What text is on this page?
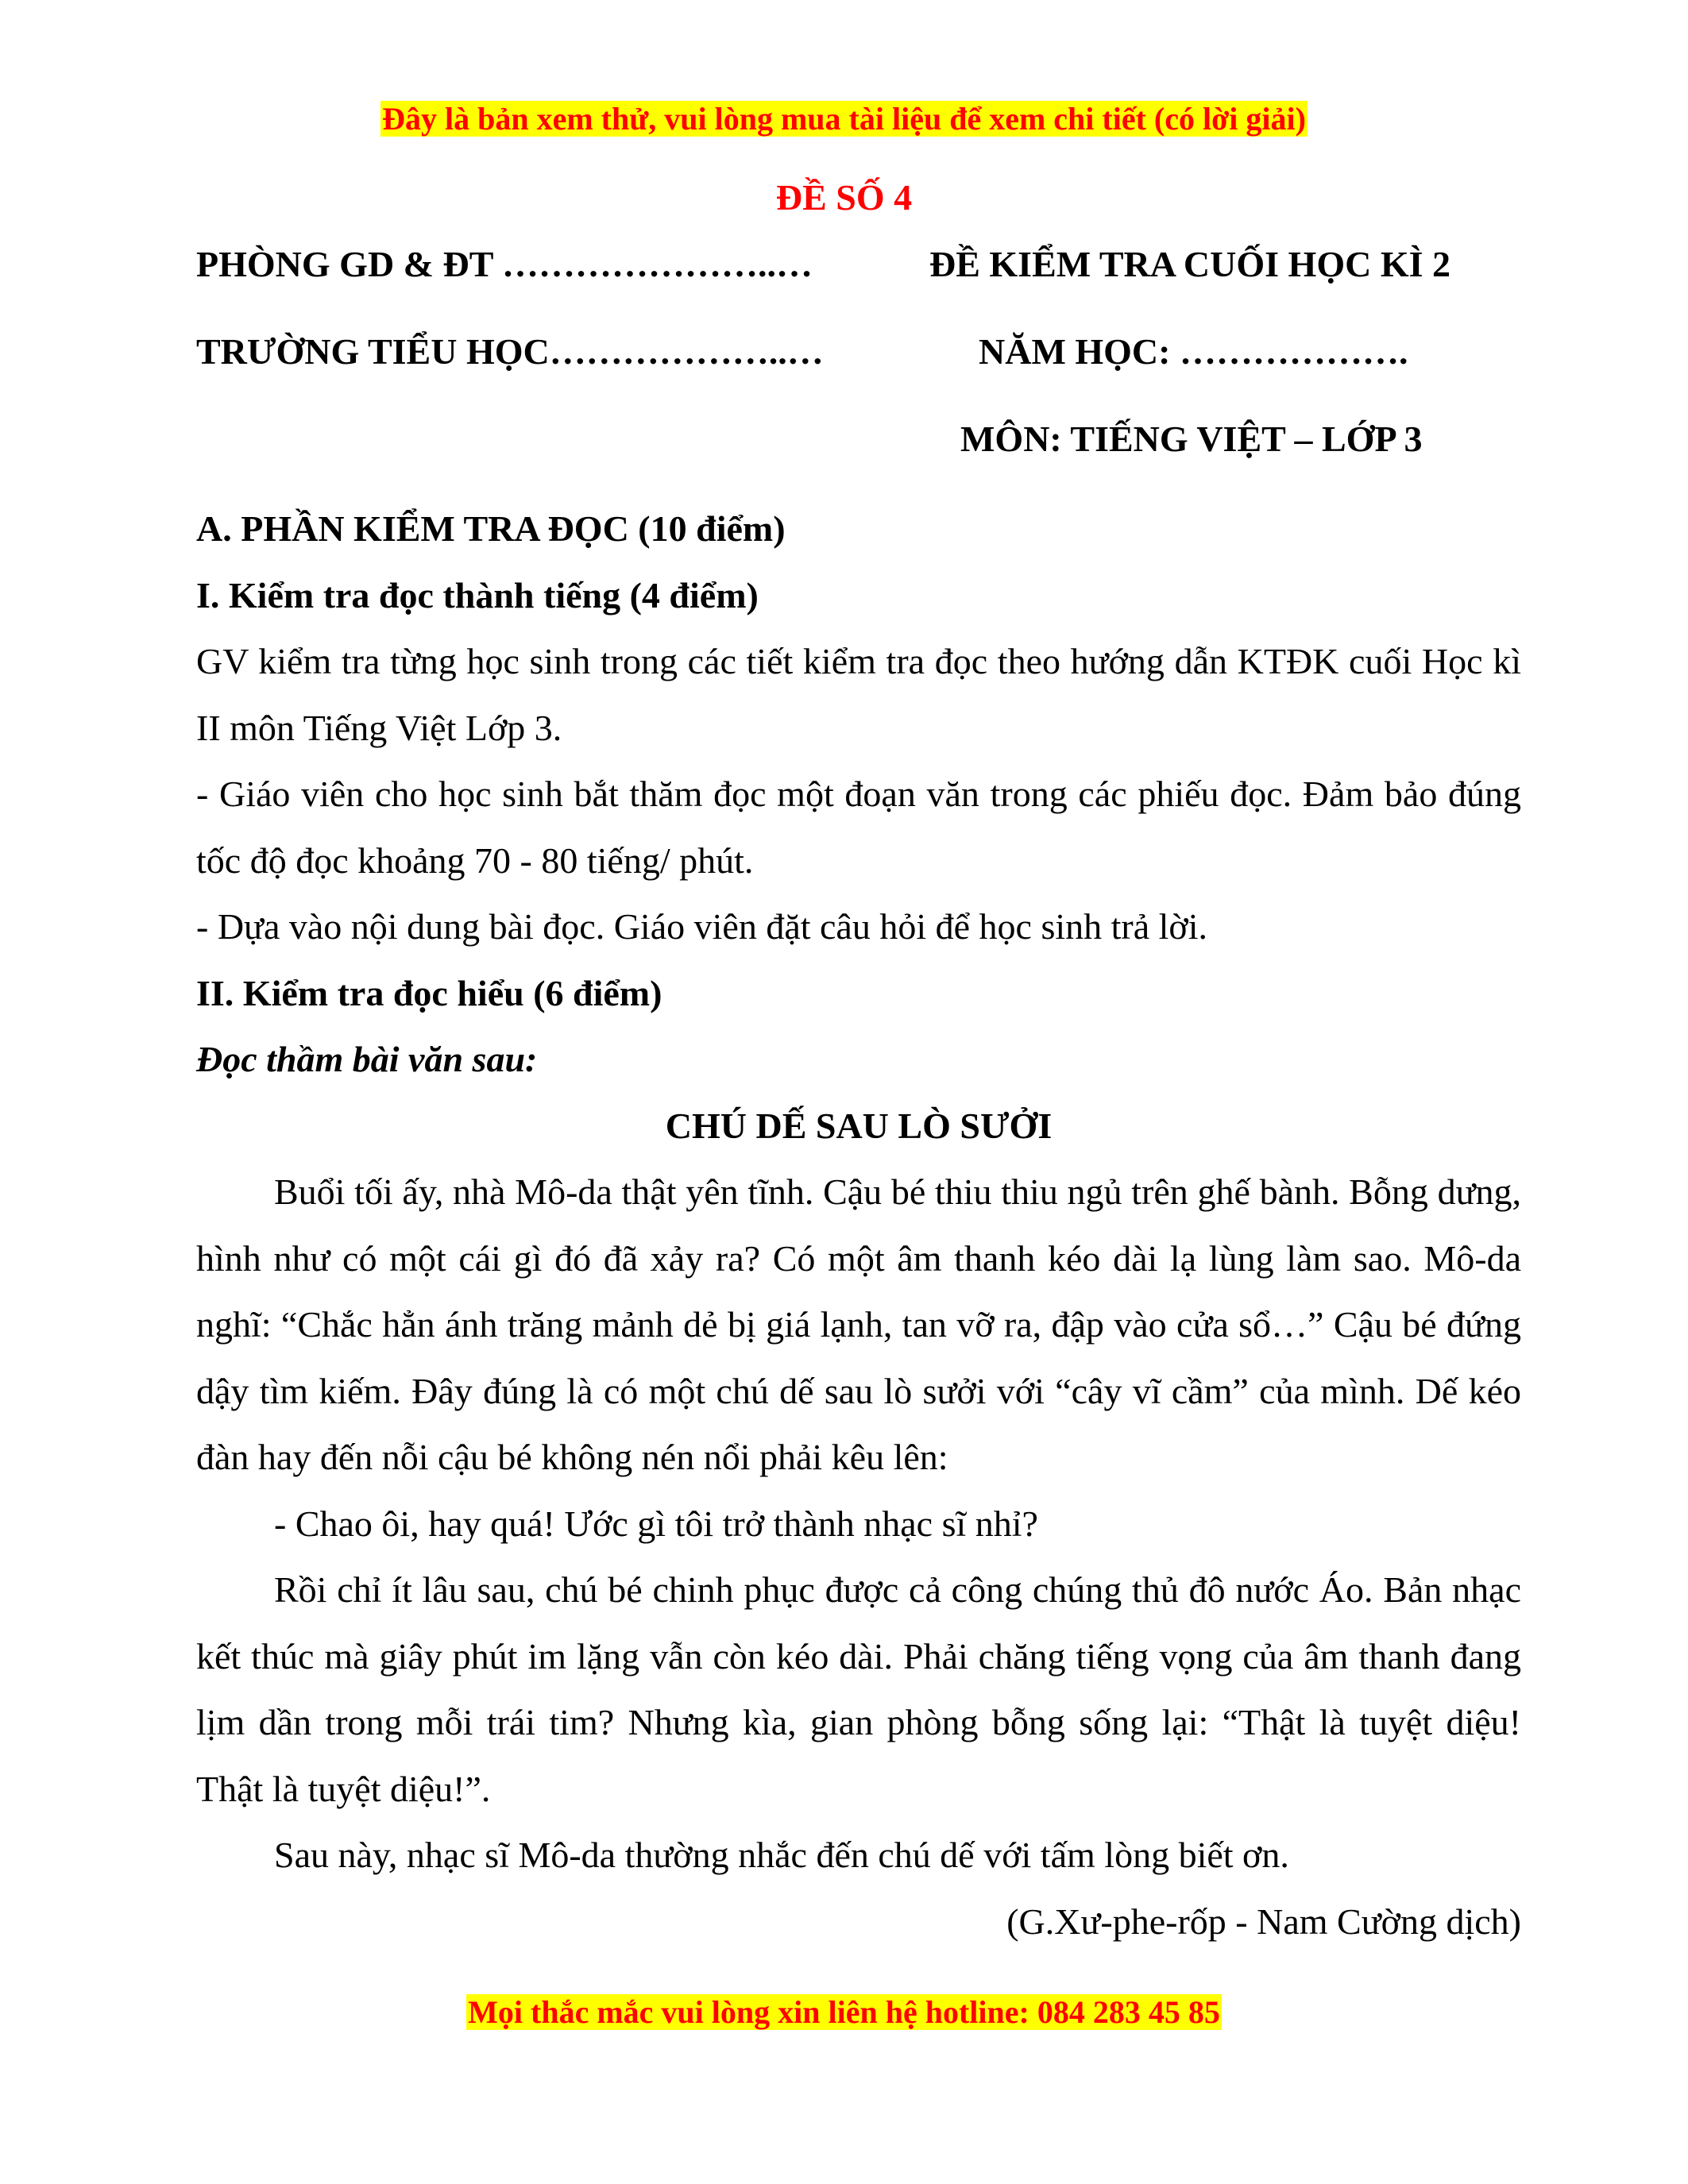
Đây là bản xem thử, vui lòng mua tài liệu để xem chi tiết (có lời giải)
ĐỀ SỐ 4
PHÒNG GD & ĐT …………………..…	ĐỀ KIỂM TRA CUỐI HỌC KÌ 2
TRƯỜNG TIỂU HỌC………………..…	NĂM HỌC: ……………….
MÔN: TIẾNG VIỆT – LỚP 3

A. PHẦN KIỂM TRA ĐỌC (10 điểm)

I. Kiểm tra đọc thành tiếng (4 điểm)

GV kiểm tra từng học sinh trong các tiết kiểm tra đọc theo hướng dẫn KTĐK cuối Học kì II môn Tiếng Việt Lớp 3.

- Giáo viên cho học sinh bắt thăm đọc một đoạn văn trong các phiếu đọc. Đảm bảo đúng tốc độ đọc khoảng 70 - 80 tiếng/ phút.

- Dựa vào nội dung bài đọc. Giáo viên đặt câu hỏi để học sinh trả lời.

II. Kiểm tra đọc hiểu (6 điểm)

Đọc thầm bài văn sau:

CHÚ DẾ SAU LÒ SƯỞI

Buổi tối ấy, nhà Mô-da thật yên tĩnh. Cậu bé thiu thiu ngủ trên ghế bành. Bỗng dưng, hình như có một cái gì đó đã xảy ra? Có một âm thanh kéo dài lạ lùng làm sao. Mô-da nghĩ: “Chắc hẳn ánh trăng mảnh dẻ bị giá lạnh, tan vỡ ra, đập vào cửa sổ…” Cậu bé đứng dậy tìm kiếm. Đây đúng là có một chú dế sau lò sưởi với “cây vĩ cầm” của mình. Dế kéo đàn hay đến nỗi cậu bé không nén nổi phải kêu lên:

- Chao ôi, hay quá! Ước gì tôi trở thành nhạc sĩ nhỉ?

Rồi chỉ ít lâu sau, chú bé chinh phục được cả công chúng thủ đô nước Áo. Bản nhạc kết thúc mà giây phút im lặng vẫn còn kéo dài. Phải chăng tiếng vọng của âm thanh đang lịm dần trong mỗi trái tim? Nhưng kìa, gian phòng bỗng sống lại: “Thật là tuyệt diệu! Thật là tuyệt diệu!”.

Sau này, nhạc sĩ Mô-da thường nhắc đến chú dế với tấm lòng biết ơn.

(G.Xư-phe-rốp - Nam Cường dịch)

Mọi thắc mắc vui lòng xin liên hệ hotline: 084 283 45 85
